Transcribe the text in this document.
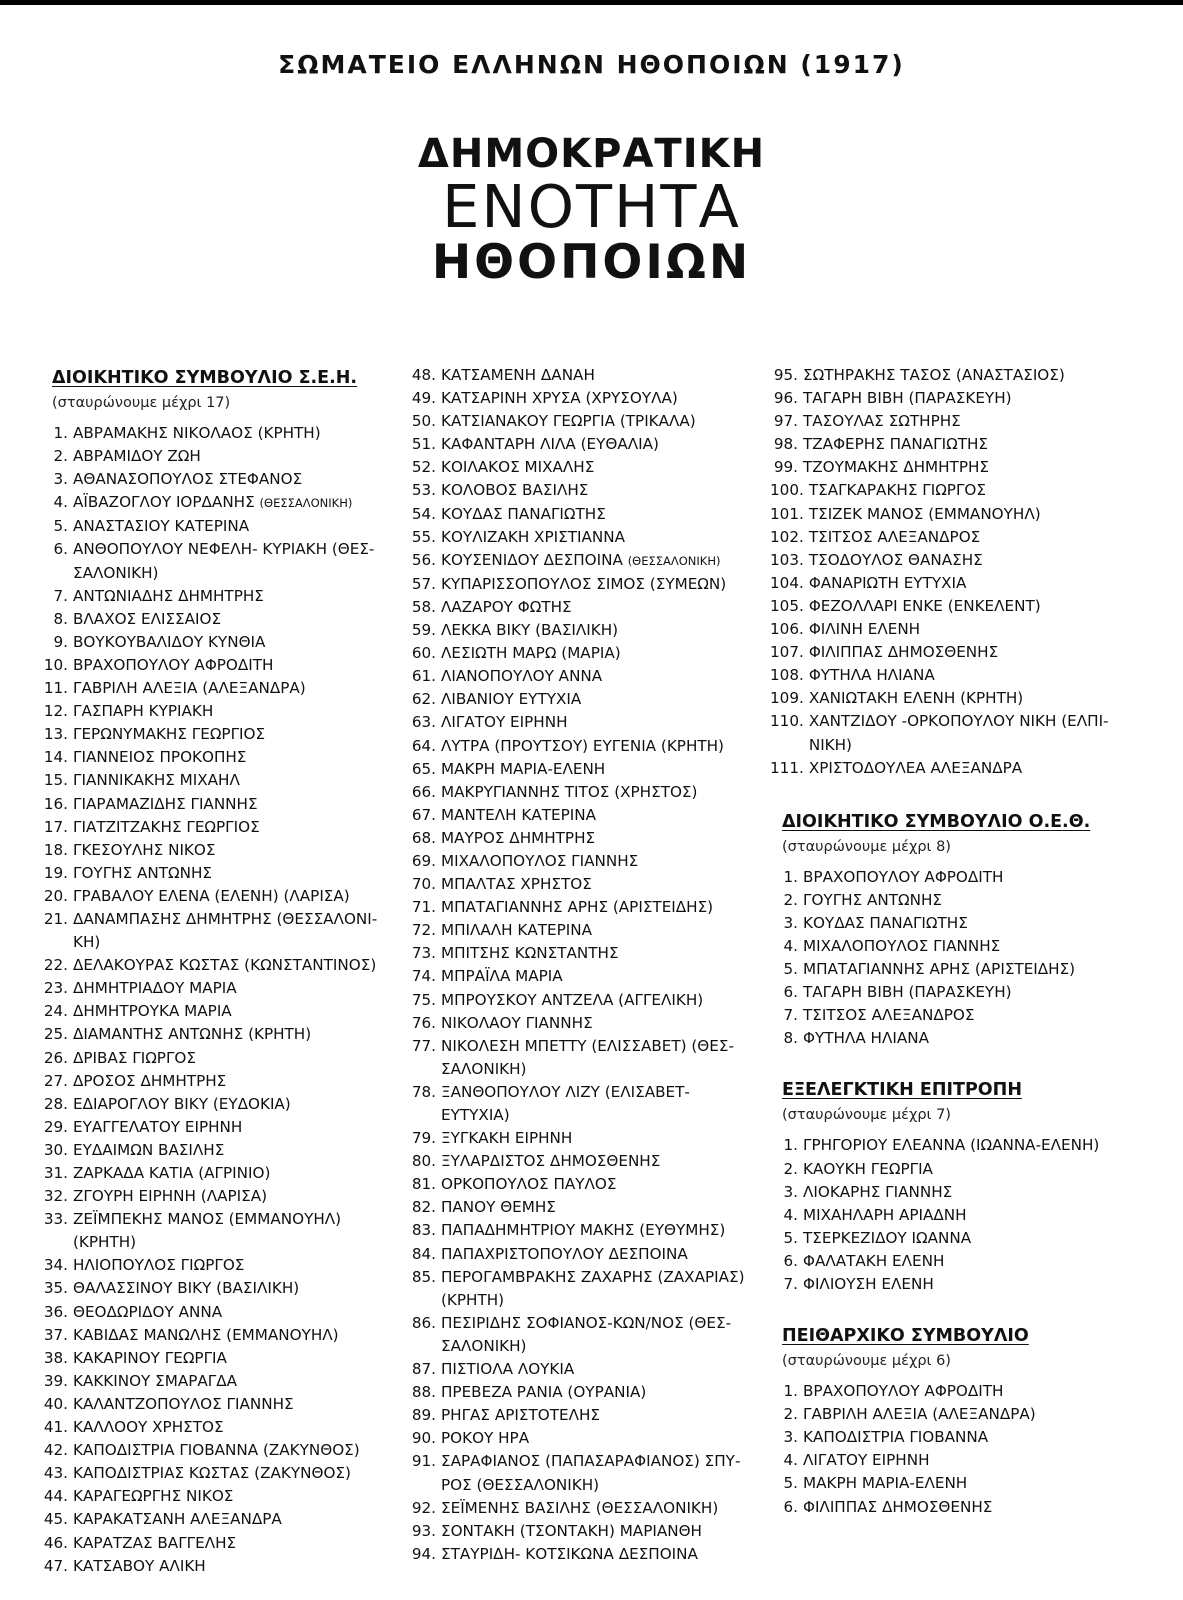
ΣΩΜΑΤΕΙΟ ΕΛΛΗΝΩΝ ΗΘΟΠΟΙΩΝ (1917)
ΔΗΜΟΚΡΑΤΙΚΗ
ΕΝΟΤΗΤΑ
ΗΘΟΠΟΙΩΝ
ΔΙΟΙΚΗΤΙΚΟ ΣΥΜΒΟΥΛΙΟ Σ.Ε.Η.
(σταυρώνουμε μέχρι 17)
1. ΑΒΡΑΜΑΚΗΣ ΝΙΚΟΛΑΟΣ (ΚΡΗΤΗ)
2. ΑΒΡΑΜΙΔΟΥ ΖΩΗ
3. ΑΘΑΝΑΣΟΠΟΥΛΟΣ ΣΤΕΦΑΝΟΣ
4. ΑΪΒΑΖΟΓΛΟΥ ΙΟΡΔΑΝΗΣ (ΘΕΣΣΑΛΟΝΙΚΗ)
5. ΑΝΑΣΤΑΣΙΟΥ ΚΑΤΕΡΙΝΑ
6. ΑΝΘΟΠΟΥΛΟΥ ΝΕΦΕΛΗ- ΚΥΡΙΑΚΗ (ΘΕΣ-ΣΑΛΟΝΙΚΗ)
7. ΑΝΤΩΝΙΑΔΗΣ ΔΗΜΗΤΡΗΣ
8. ΒΛΑΧΟΣ ΕΛΙΣΣΑΙΟΣ
9. ΒΟΥΚΟΥΒΑΛΙΔΟΥ ΚΥΝΘΙΑ
10. ΒΡΑΧΟΠΟΥΛΟΥ ΑΦΡΟΔΙΤΗ
11. ΓΑΒΡΙΛΗ ΑΛΕΞΙΑ (ΑΛΕΞΑΝΔΡΑ)
12. ΓΑΣΠΑΡΗ ΚΥΡΙΑΚΗ
13. ΓΕΡΩΝΥΜΑΚΗΣ ΓΕΩΡΓΙΟΣ
14. ΓΙΑΝΝΕΙΟΣ ΠΡΟΚΟΠΗΣ
15. ΓΙΑΝΝΙΚΑΚΗΣ ΜΙΧΑΗΛ
16. ΓΙΑΡΑΜΑΖΙΔΗΣ ΓΙΑΝΝΗΣ
17. ΓΙΑΤΖΙΤΖΑΚΗΣ ΓΕΩΡΓΙΟΣ
18. ΓΚΕΣΟΥΛΗΣ ΝΙΚΟΣ
19. ΓΟΥΓΗΣ ΑΝΤΩΝΗΣ
20. ΓΡΑΒΑΛΟΥ ΕΛΕΝΑ (ΕΛΕΝΗ) (ΛΑΡΙΣΑ)
21. ΔΑΝΑΜΠΑΣΗΣ ΔΗΜΗΤΡΗΣ (ΘΕΣΣΑΛΟΝΙ-ΚΗ)
22. ΔΕΛΑΚΟΥΡΑΣ ΚΩΣΤΑΣ (ΚΩΝΣΤΑΝΤΙΝΟΣ)
23. ΔΗΜΗΤΡΙΑΔΟΥ ΜΑΡΙΑ
24. ΔΗΜΗΤΡΟΥΚΑ ΜΑΡΙΑ
25. ΔΙΑΜΑΝΤΗΣ ΑΝΤΩΝΗΣ (ΚΡΗΤΗ)
26. ΔΡΙΒΑΣ ΓΙΩΡΓΟΣ
27. ΔΡΟΣΟΣ ΔΗΜΗΤΡΗΣ
28. ΕΔΙΑΡΟΓΛΟΥ ΒΙΚΥ (ΕΥΔΟΚΙΑ)
29. ΕΥΑΓΓΕΛΑΤΟΥ ΕΙΡΗΝΗ
30. ΕΥΔΑΙΜΩΝ ΒΑΣΙΛΗΣ
31. ΖΑΡΚΑΔΑ ΚΑΤΙΑ (ΑΓΡΙΝΙΟ)
32. ΖΓΟΥΡΗ ΕΙΡΗΝΗ (ΛΑΡΙΣΑ)
33. ΖΕΪΜΠΕΚΗΣ ΜΑΝΟΣ (ΕΜΜΑΝΟΥΗΛ) (ΚΡΗΤΗ)
34. ΗΛΙΟΠΟΥΛΟΣ ΓΙΩΡΓΟΣ
35. ΘΑΛΑΣΣΙΝΟΥ ΒΙΚΥ (ΒΑΣΙΛΙΚΗ)
36. ΘΕΟΔΩΡΙΔΟΥ ΑΝΝΑ
37. ΚΑΒΙΔΑΣ ΜΑΝΩΛΗΣ (ΕΜΜΑΝΟΥΗΛ)
38. ΚΑΚΑΡΙΝΟΥ ΓΕΩΡΓΙΑ
39. ΚΑΚΚΙΝΟΥ ΣΜΑΡΑΓΔΑ
40. ΚΑΛΑΝΤΖΟΠΟΥΛΟΣ ΓΙΑΝΝΗΣ
41. ΚΑΛΛΟΟΥ ΧΡΗΣΤΟΣ
42. ΚΑΠΟΔΙΣΤΡΙΑ ΓΙΟΒΑΝΝΑ (ΖΑΚΥΝΘΟΣ)
43. ΚΑΠΟΔΙΣΤΡΙΑΣ ΚΩΣΤΑΣ (ΖΑΚΥΝΘΟΣ)
44. ΚΑΡΑΓΕΩΡΓΗΣ ΝΙΚΟΣ
45. ΚΑΡΑΚΑΤΣΑΝΗ ΑΛΕΞΑΝΔΡΑ
46. ΚΑΡΑΤΖΑΣ ΒΑΓΓΕΛΗΣ
47. ΚΑΤΣΑΒΟΥ ΑΛΙΚΗ
48. ΚΑΤΣΑΜΕΝΗ ΔΑΝΑΗ
49. ΚΑΤΣΑΡΙΝΗ ΧΡΥΣΑ (ΧΡΥΣΟΥΛΑ)
50. ΚΑΤΣΙΑΝΑΚΟΥ ΓΕΩΡΓΙΑ (ΤΡΙΚΑΛΑ)
51. ΚΑΦΑΝΤΑΡΗ ΛΙΛΑ (ΕΥΘΑΛΙΑ)
52. ΚΟΙΛΑΚΟΣ ΜΙΧΑΛΗΣ
53. ΚΟΛΟΒΟΣ ΒΑΣΙΛΗΣ
54. ΚΟΥΔΑΣ ΠΑΝΑΓΙΩΤΗΣ
55. ΚΟΥΛΙΖΑΚΗ ΧΡΙΣΤΙΑΝΝΑ
56. ΚΟΥΣΕΝΙΔΟΥ ΔΕΣΠΟΙΝΑ (ΘΕΣΣΑΛΟΝΙΚΗ)
57. ΚΥΠΑΡΙΣΣΟΠΟΥΛΟΣ ΣΙΜΟΣ (ΣΥΜΕΩΝ)
58. ΛΑΖΑΡΟΥ ΦΩΤΗΣ
59. ΛΕΚΚΑ ΒΙΚΥ (ΒΑΣΙΛΙΚΗ)
60. ΛΕΣΙΩΤΗ ΜΑΡΩ (ΜΑΡΙΑ)
61. ΛΙΑΝΟΠΟΥΛΟΥ ΑΝΝΑ
62. ΛΙΒΑΝΙΟΥ ΕΥΤΥΧΙΑ
63. ΛΙΓΑΤΟΥ ΕΙΡΗΝΗ
64. ΛΥΤΡΑ (ΠΡΟΥΤΣΟΥ) ΕΥΓΕΝΙΑ (ΚΡΗΤΗ)
65. ΜΑΚΡΗ ΜΑΡΙΑ-ΕΛΕΝΗ
66. ΜΑΚΡΥΓΙΑΝΝΗΣ ΤΙΤΟΣ (ΧΡΗΣΤΟΣ)
67. ΜΑΝΤΕΛΗ ΚΑΤΕΡΙΝΑ
68. ΜΑΥΡΟΣ ΔΗΜΗΤΡΗΣ
69. ΜΙΧΑΛΟΠΟΥΛΟΣ ΓΙΑΝΝΗΣ
70. ΜΠΑΛΤΑΣ ΧΡΗΣΤΟΣ
71. ΜΠΑΤΑΓΙΑΝΝΗΣ ΑΡΗΣ (ΑΡΙΣΤΕΙΔΗΣ)
72. ΜΠΙΛΑΛΗ ΚΑΤΕΡΙΝΑ
73. ΜΠΙΤΣΗΣ ΚΩΝΣΤΑΝΤΗΣ
74. ΜΠΡΑΪΛΑ ΜΑΡΙΑ
75. ΜΠΡΟΥΣΚΟΥ ΑΝΤΖΕΛΑ (ΑΓΓΕΛΙΚΗ)
76. ΝΙΚΟΛΑΟΥ ΓΙΑΝΝΗΣ
77. ΝΙΚΟΛΕΣΗ ΜΠΕΤΤΥ (ΕΛΙΣΣΑΒΕΤ) (ΘΕΣ-ΣΑΛΟΝΙΚΗ)
78. ΞΑΝΘΟΠΟΥΛΟΥ ΛΙΖΥ (ΕΛΙΣΑΒΕΤ-ΕΥΤΥΧΙΑ)
79. ΞΥΓΚΑΚΗ ΕΙΡΗΝΗ
80. ΞΥΛΑΡΔΙΣΤΟΣ ΔΗΜΟΣΘΕΝΗΣ
81. ΟΡΚΟΠΟΥΛΟΣ ΠΑΥΛΟΣ
82. ΠΑΝΟΥ ΘΕΜΗΣ
83. ΠΑΠΑΔΗΜΗΤΡΙΟΥ ΜΑΚΗΣ (ΕΥΘΥΜΗΣ)
84. ΠΑΠΑΧΡΙΣΤΟΠΟΥΛΟΥ ΔΕΣΠΟΙΝΑ
85. ΠΕΡΟΓΑΜΒΡΑΚΗΣ ΖΑΧΑΡΗΣ (ΖΑΧΑΡΙΑΣ) (ΚΡΗΤΗ)
86. ΠΕΣΙΡΙΔΗΣ ΣΟΦΙΑΝΟΣ-ΚΩΝ/ΝΟΣ (ΘΕΣ-ΣΑΛΟΝΙΚΗ)
87. ΠΙΣΤΙΟΛΑ ΛΟΥΚΙΑ
88. ΠΡΕΒΕΖΑ ΡΑΝΙΑ (ΟΥΡΑΝΙΑ)
89. ΡΗΓΑΣ ΑΡΙΣΤΟΤΕΛΗΣ
90. ΡΟΚΟΥ ΗΡΑ
91. ΣΑΡΑΦΙΑΝΟΣ (ΠΑΠΑΣΑΡΑΦΙΑΝΟΣ) ΣΠΥ-ΡΟΣ (ΘΕΣΣΑΛΟΝΙΚΗ)
92. ΣΕΪΜΕΝΗΣ ΒΑΣΙΛΗΣ (ΘΕΣΣΑΛΟΝΙΚΗ)
93. ΣΟΝΤΑΚΗ (ΤΣΟΝΤΑΚΗ) ΜΑΡΙΑΝΘΗ
94. ΣΤΑΥΡΙΔΗ- ΚΟΤΣΙΚΩΝΑ ΔΕΣΠΟΙΝΑ
95. ΣΩΤΗΡΑΚΗΣ ΤΑΣΟΣ (ΑΝΑΣΤΑΣΙΟΣ)
96. ΤΑΓΑΡΗ ΒΙΒΗ (ΠΑΡΑΣΚΕΥΗ)
97. ΤΑΣΟΥΛΑΣ ΣΩΤΗΡΗΣ
98. ΤΖΑΦΕΡΗΣ ΠΑΝΑΓΙΩΤΗΣ
99. ΤΖΟΥΜΑΚΗΣ ΔΗΜΗΤΡΗΣ
100. ΤΣΑΓΚΑΡΑΚΗΣ ΓΙΩΡΓΟΣ
101. ΤΣΙΖΕΚ ΜΑΝΟΣ (ΕΜΜΑΝΟΥΗΛ)
102. ΤΣΙΤΣΟΣ ΑΛΕΞΑΝΔΡΟΣ
103. ΤΣΟΔΟΥΛΟΣ ΘΑΝΑΣΗΣ
104. ΦΑΝΑΡΙΩΤΗ ΕΥΤΥΧΙΑ
105. ΦΕΖΟΛΛΑΡΙ ΕΝΚΕ (ΕΝΚΕΛΕΝΤ)
106. ΦΙΛΙΝΗ ΕΛΕΝΗ
107. ΦΙΛΙΠΠΑΣ ΔΗΜΟΣΘΕΝΗΣ
108. ΦΥΤΗΛΑ ΗΛΙΑΝΑ
109. ΧΑΝΙΩΤΑΚΗ ΕΛΕΝΗ (ΚΡΗΤΗ)
110. ΧΑΝΤΖΙΔΟΥ -ΟΡΚΟΠΟΥΛΟΥ ΝΙΚΗ (ΕΛΠΙ-ΝΙΚΗ)
111. ΧΡΙΣΤΟΔΟΥΛΕΑ ΑΛΕΞΑΝΔΡΑ
ΔΙΟΙΚΗΤΙΚΟ ΣΥΜΒΟΥΛΙΟ Ο.Ε.Θ.
(σταυρώνουμε μέχρι 8)
1. ΒΡΑΧΟΠΟΥΛΟΥ ΑΦΡΟΔΙΤΗ
2. ΓΟΥΓΗΣ ΑΝΤΩΝΗΣ
3. ΚΟΥΔΑΣ ΠΑΝΑΓΙΩΤΗΣ
4. ΜΙΧΑΛΟΠΟΥΛΟΣ ΓΙΑΝΝΗΣ
5. ΜΠΑΤΑΓΙΑΝΝΗΣ ΑΡΗΣ (ΑΡΙΣΤΕΙΔΗΣ)
6. ΤΑΓΑΡΗ ΒΙΒΗ (ΠΑΡΑΣΚΕΥΗ)
7. ΤΣΙΤΣΟΣ ΑΛΕΞΑΝΔΡΟΣ
8. ΦΥΤΗΛΑ ΗΛΙΑΝΑ
ΕΞΕΛΕΓΚΤΙΚΗ ΕΠΙΤΡΟΠΗ
(σταυρώνουμε μέχρι 7)
1. ΓΡΗΓΟΡΙΟΥ ΕΛΕΑΝΝΑ (ΙΩΑΝΝΑ-ΕΛΕΝΗ)
2. ΚΑΟΥΚΗ ΓΕΩΡΓΙΑ
3. ΛΙΟΚΑΡΗΣ ΓΙΑΝΝΗΣ
4. ΜΙΧΑΗΛΑΡΗ ΑΡΙΑΔΝΗ
5. ΤΣΕΡΚΕΖΙΔΟΥ ΙΩΑΝΝΑ
6. ΦΑΛΑΤΑΚΗ ΕΛΕΝΗ
7. ΦΙΛΙΟΥΣΗ ΕΛΕΝΗ
ΠΕΙΘΑΡΧΙΚΟ ΣΥΜΒΟΥΛΙΟ
(σταυρώνουμε μέχρι 6)
1. ΒΡΑΧΟΠΟΥΛΟΥ ΑΦΡΟΔΙΤΗ
2. ΓΑΒΡΙΛΗ ΑΛΕΞΙΑ (ΑΛΕΞΑΝΔΡΑ)
3. ΚΑΠΟΔΙΣΤΡΙΑ ΓΙΟΒΑΝΝΑ
4. ΛΙΓΑΤΟΥ ΕΙΡΗΝΗ
5. ΜΑΚΡΗ ΜΑΡΙΑ-ΕΛΕΝΗ
6. ΦΙΛΙΠΠΑΣ ΔΗΜΟΣΘΕΝΗΣ
